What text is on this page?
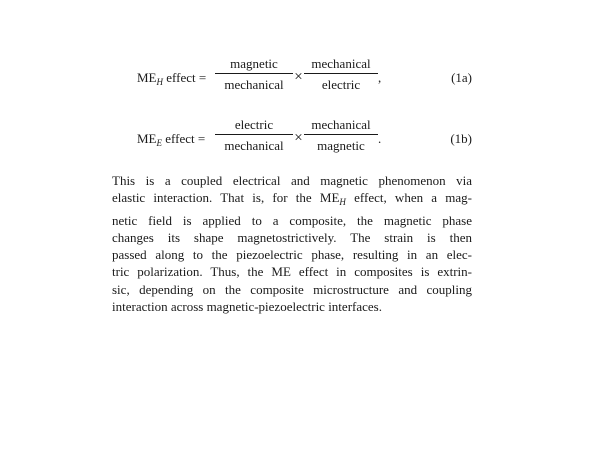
$ME_H$ effect =
magnetic
mechanical ×
mechanical
electric	,	(1a)
$ME_E$ effect =
electric
mechanical ×
mechanical
magnetic	.	(1b)

This is a coupled electrical and magnetic phenomenon via
elastic interaction. That is, for the $ME_H$ effect, when a mag-
netic field is applied to a composite, the magnetic phase
changes its shape magnetostrictively. The strain is then
passed along to the piezoelectric phase, resulting in an elec-
tric polarization. Thus, the ME effect in composites is extrin-
sic, depending on the composite microstructure and coupling
interaction across magnetic-piezoelectric interfaces.
